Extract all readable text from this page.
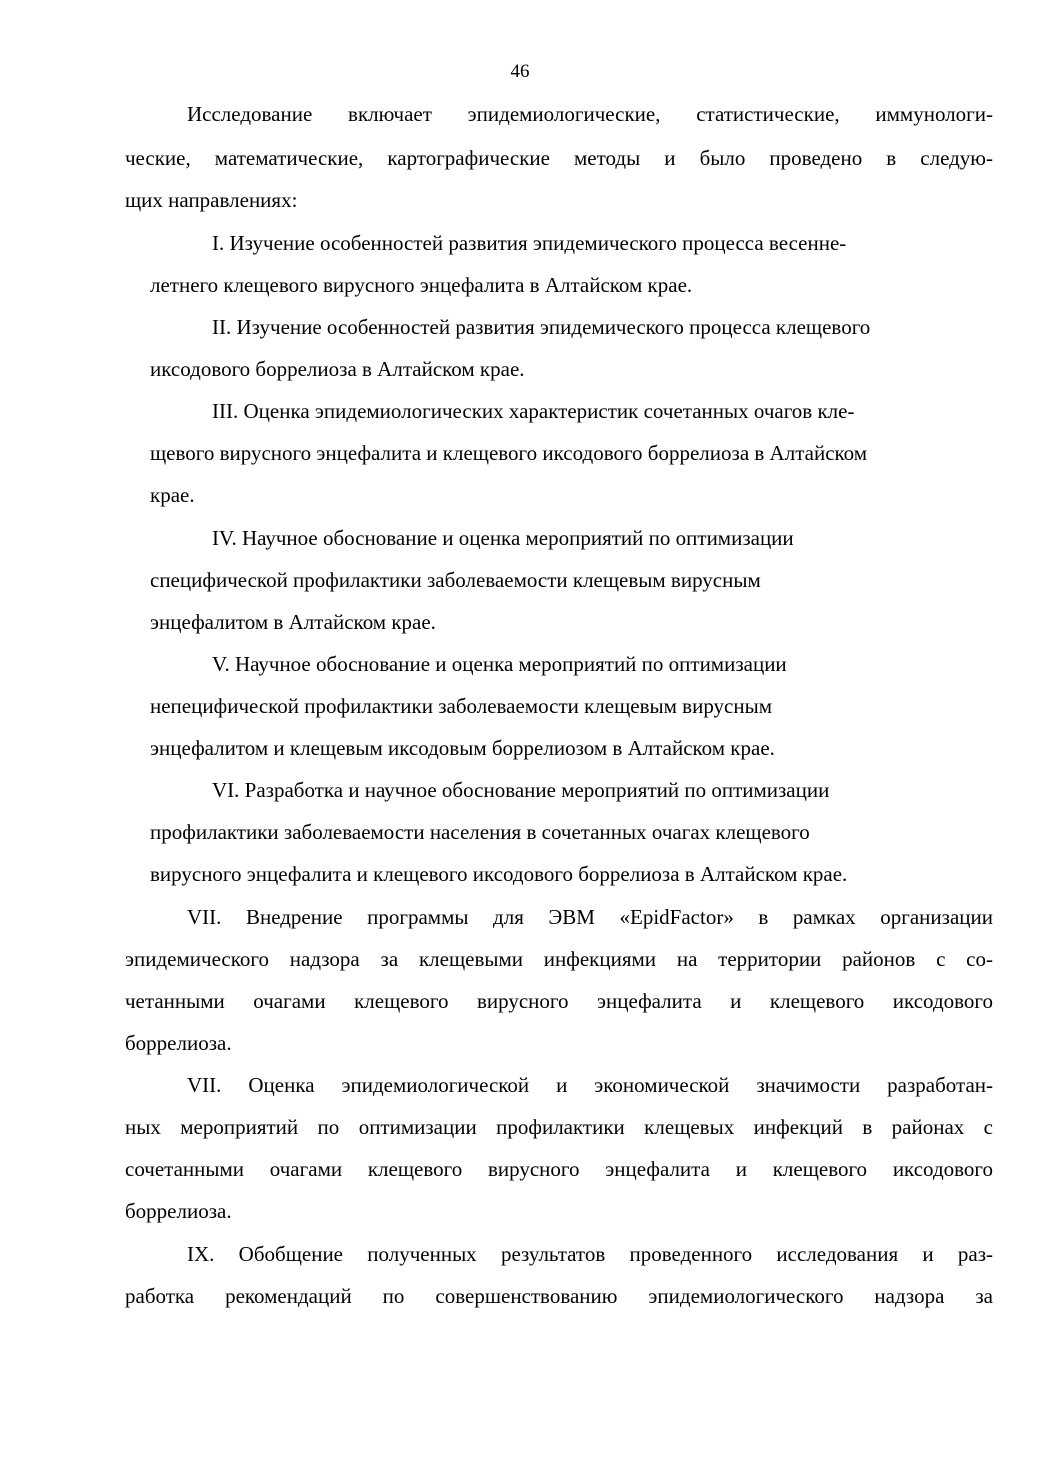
46
Исследование включает эпидемиологические, статистические, иммунологи-
ческие, математические, картографические методы и было проведено в следую-
щих направлениях:
I. Изучение особенностей развития эпидемического процесса весенне-
летнего клещевого вирусного энцефалита в Алтайском крае.
II. Изучение особенностей развития эпидемического процесса клещевого
иксодового боррелиоза в Алтайском крае.
III. Оценка эпидемиологических характеристик сочетанных очагов кле-
щевого вирусного энцефалита и клещевого иксодового боррелиоза в Алтайском
крае.
IV. Научное обоснование и оценка мероприятий по оптимизации
специфической профилактики заболеваемости клещевым вирусным
энцефалитом в Алтайском крае.
V. Научное обоснование и оценка мероприятий по оптимизации
непецифической профилактики заболеваемости клещевым вирусным
энцефалитом и клещевым иксодовым боррелиозом в Алтайском крае.
VI. Разработка и научное обоснование мероприятий по оптимизации
профилактики заболеваемости населения в сочетанных очагах клещевого
вирусного энцефалита и клещевого иксодового боррелиоза в Алтайском крае.
VII. Внедрение программы для ЭВМ «EpidFactor» в рамках организации
эпидемического надзора за клещевыми инфекциями на территории районов с со-
четанными очагами клещевого вирусного энцефалита и клещевого иксодового
боррелиоза.
VII. Оценка эпидемиологической и экономической значимости разработан-
ных мероприятий по оптимизации профилактики клещевых инфекций в районах с
сочетанными очагами клещевого вирусного энцефалита и клещевого иксодового
боррелиоза.
IX. Обобщение полученных результатов проведенного исследования и раз-
работка рекомендаций по совершенствованию эпидемиологического надзора за
